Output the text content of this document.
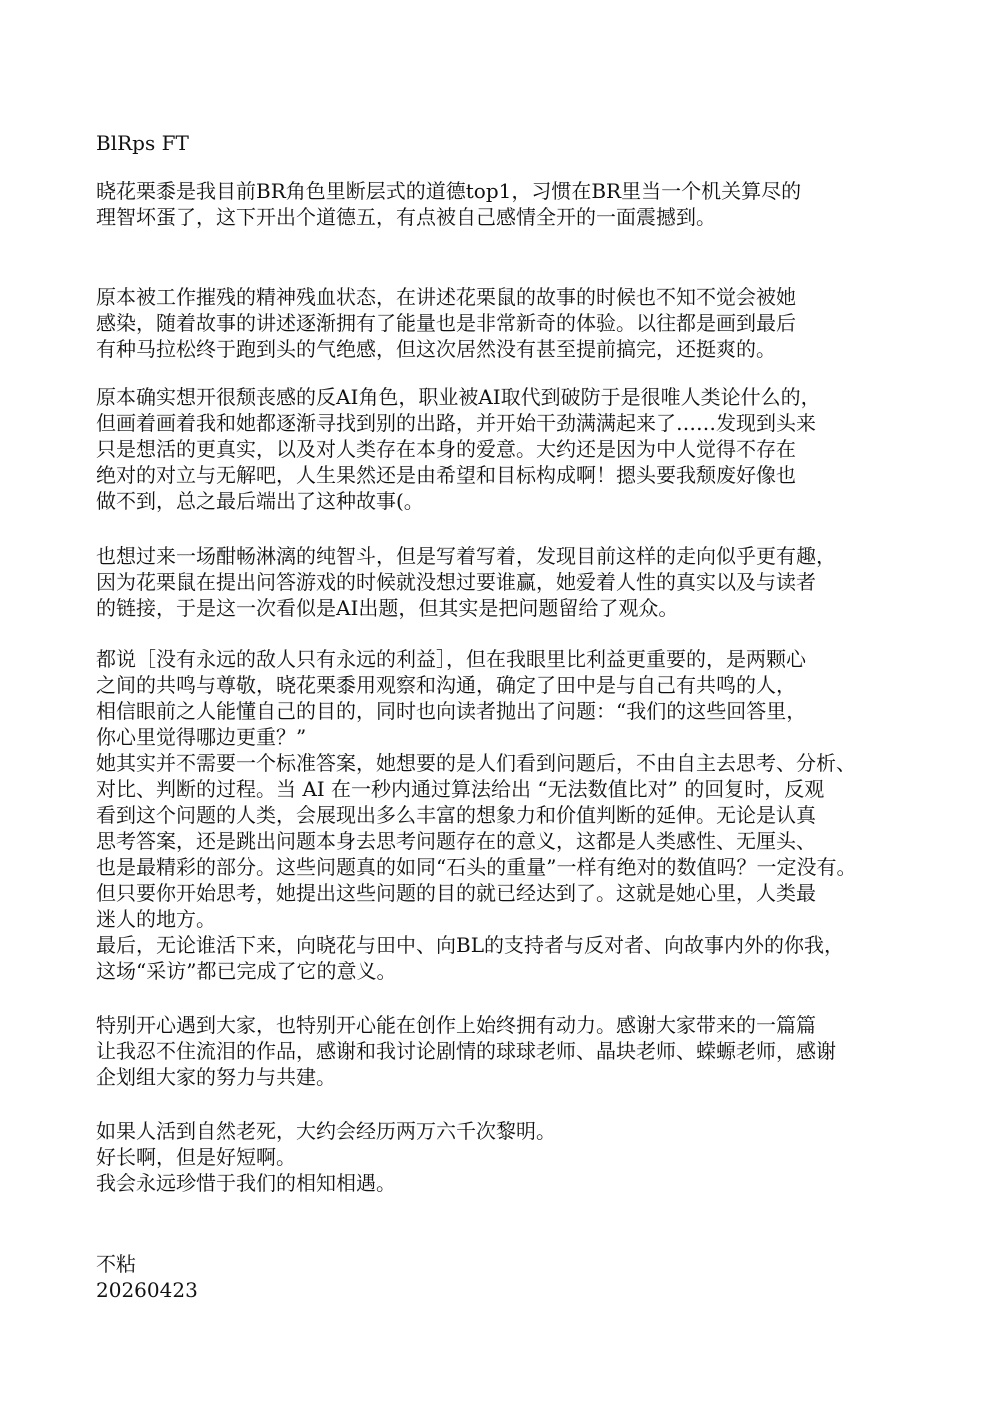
BlRps FT
晓花栗黍是我目前BR角色里断层式的道德top1，习惯在BR里当一个机关算尽的
理智坏蛋了，这下开出个道德五，有点被自己感情全开的一面震撼到。
原本被工作摧残的精神残血状态，在讲述花栗鼠的故事的时候也不知不觉会被她
感染，随着故事的讲述逐渐拥有了能量也是非常新奇的体验。以往都是画到最后
有种马拉松终于跑到头的气绝感，但这次居然没有甚至提前搞完，还挺爽的。
原本确实想开很颓丧感的反AI角色，职业被AI取代到破防于是很唯人类论什么的，
但画着画着我和她都逐渐寻找到别的出路，并开始干劲满满起来了……发现到头来
只是想活的更真实，以及对人类存在本身的爱意。大约还是因为中人觉得不存在
绝对的对立与无解吧，人生果然还是由希望和目标构成啊！摁头要我颓废好像也
做不到，总之最后端出了这种故事(。
也想过来一场酣畅淋漓的纯智斗，但是写着写着，发现目前这样的走向似乎更有趣，
因为花栗鼠在提出问答游戏的时候就没想过要谁赢，她爱着人性的真实以及与读者
的链接，于是这一次看似是AI出题，但其实是把问题留给了观众。
都说［没有永远的敌人只有永远的利益］，但在我眼里比利益更重要的，是两颗心
之间的共鸣与尊敬，晓花栗黍用观察和沟通，确定了田中是与自己有共鸣的人，
相信眼前之人能懂自己的目的，同时也向读者抛出了问题：“我们的这些回答里，
你心里觉得哪边更重？”
她其实并不需要一个标准答案，她想要的是人们看到问题后，不由自主去思考、分析、
对比、判断的过程。当 AI 在一秒内通过算法给出 “无法数值比对” 的回复时，反观
看到这个问题的人类，会展现出多么丰富的想象力和价值判断的延伸。无论是认真
思考答案，还是跳出问题本身去思考问题存在的意义，这都是人类感性、无厘头、
也是最精彩的部分。这些问题真的如同“石头的重量”一样有绝对的数值吗？一定没有。
但只要你开始思考，她提出这些问题的目的就已经达到了。这就是她心里，人类最
迷人的地方。
最后，无论谁活下来，向晓花与田中、向BL的支持者与反对者、向故事内外的你我，
这场“采访”都已完成了它的意义。
特别开心遇到大家，也特别开心能在创作上始终拥有动力。感谢大家带来的一篇篇
让我忍不住流泪的作品，感谢和我讨论剧情的球球老师、晶块老师、蝾螈老师，感谢
企划组大家的努力与共建。
如果人活到自然老死，大约会经历两万六千次黎明。
好长啊，但是好短啊。
我会永远珍惜于我们的相知相遇。
不粘
20260423
